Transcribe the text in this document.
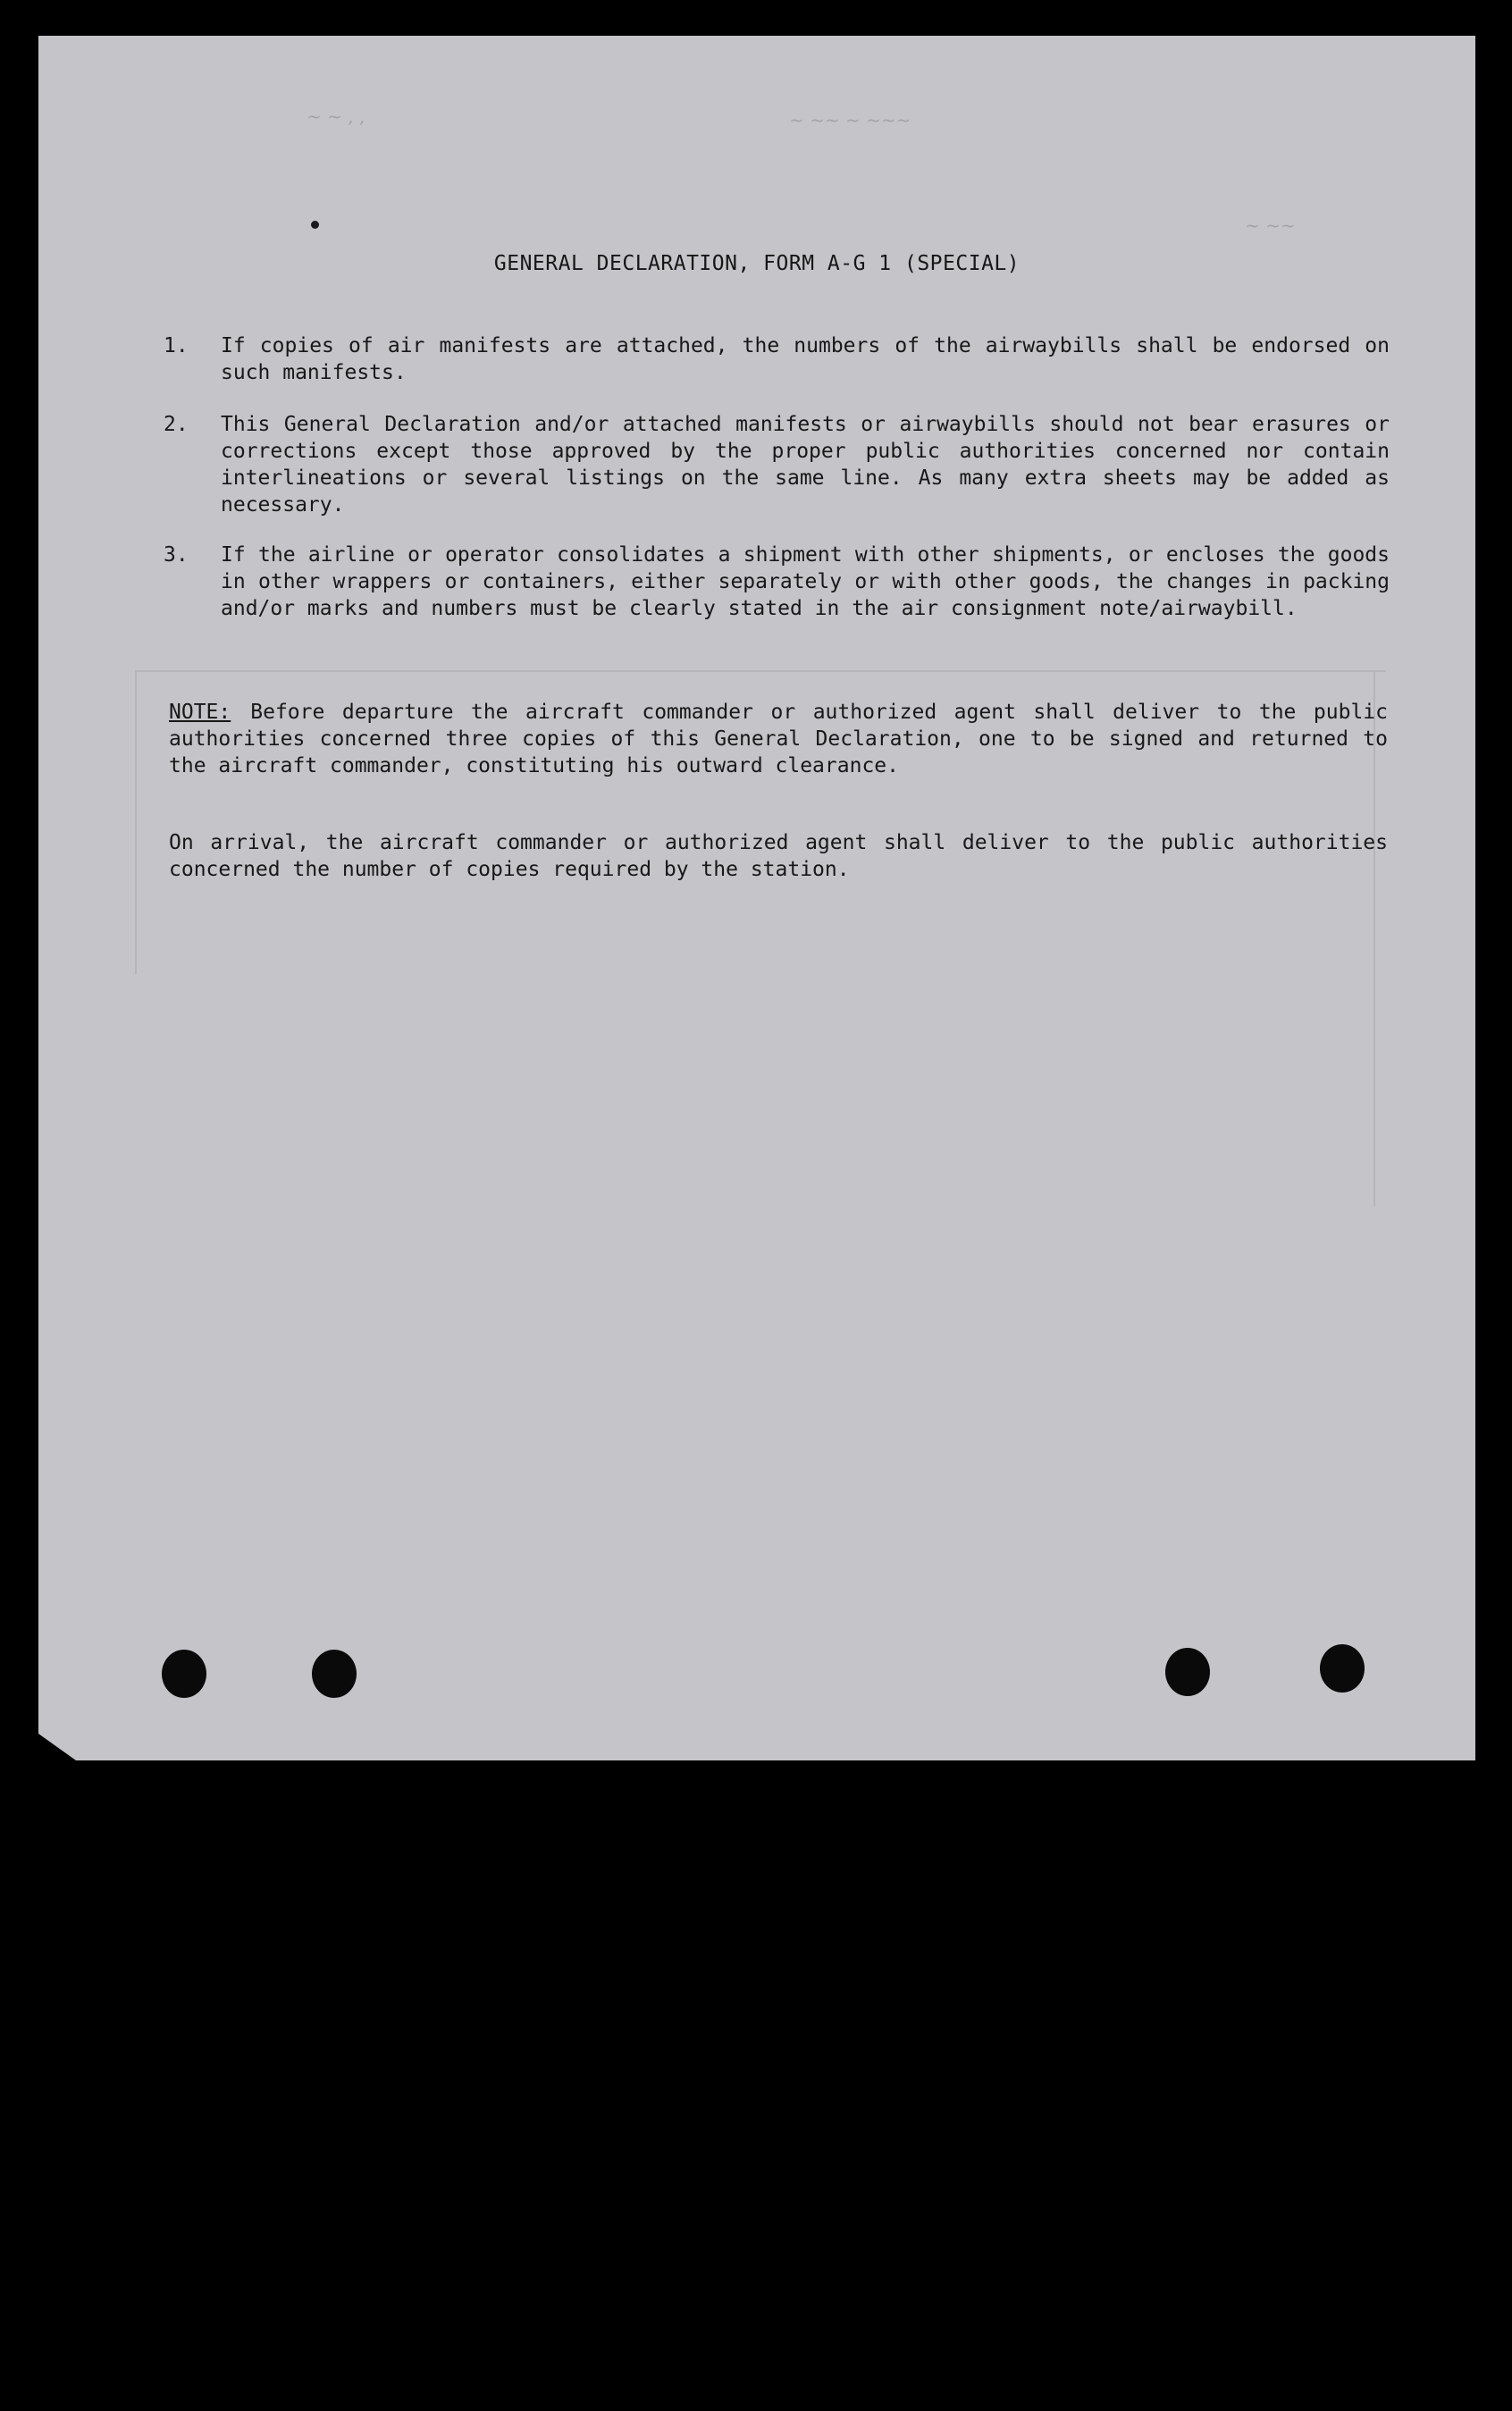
~ ~ , ,	~ ~~ ~ ~~~
~ ~~
GENERAL DECLARATION, FORM A-G 1 (SPECIAL)
1. If copies of air manifests are attached, the numbers of the airwaybills shall be endorsed on such manifests.
2. This General Declaration and/or attached manifests or airwaybills should not bear erasures or corrections except those approved by the proper public authorities concerned nor contain interlineations or several listings on the same line. As many extra sheets may be added as necessary.
3. If the airline or operator consolidates a shipment with other shipments, or encloses the goods in other wrappers or containers, either separately or with other goods, the changes in packing and/or marks and numbers must be clearly stated in the air consignment note/airwaybill.
NOTE: Before departure the aircraft commander or authorized agent shall deliver to the public authorities concerned three copies of this General Declaration, one to be signed and returned to the aircraft commander, constituting his outward clearance.
On arrival, the aircraft commander or authorized agent shall deliver to the public authorities concerned the number of copies required by the station.
